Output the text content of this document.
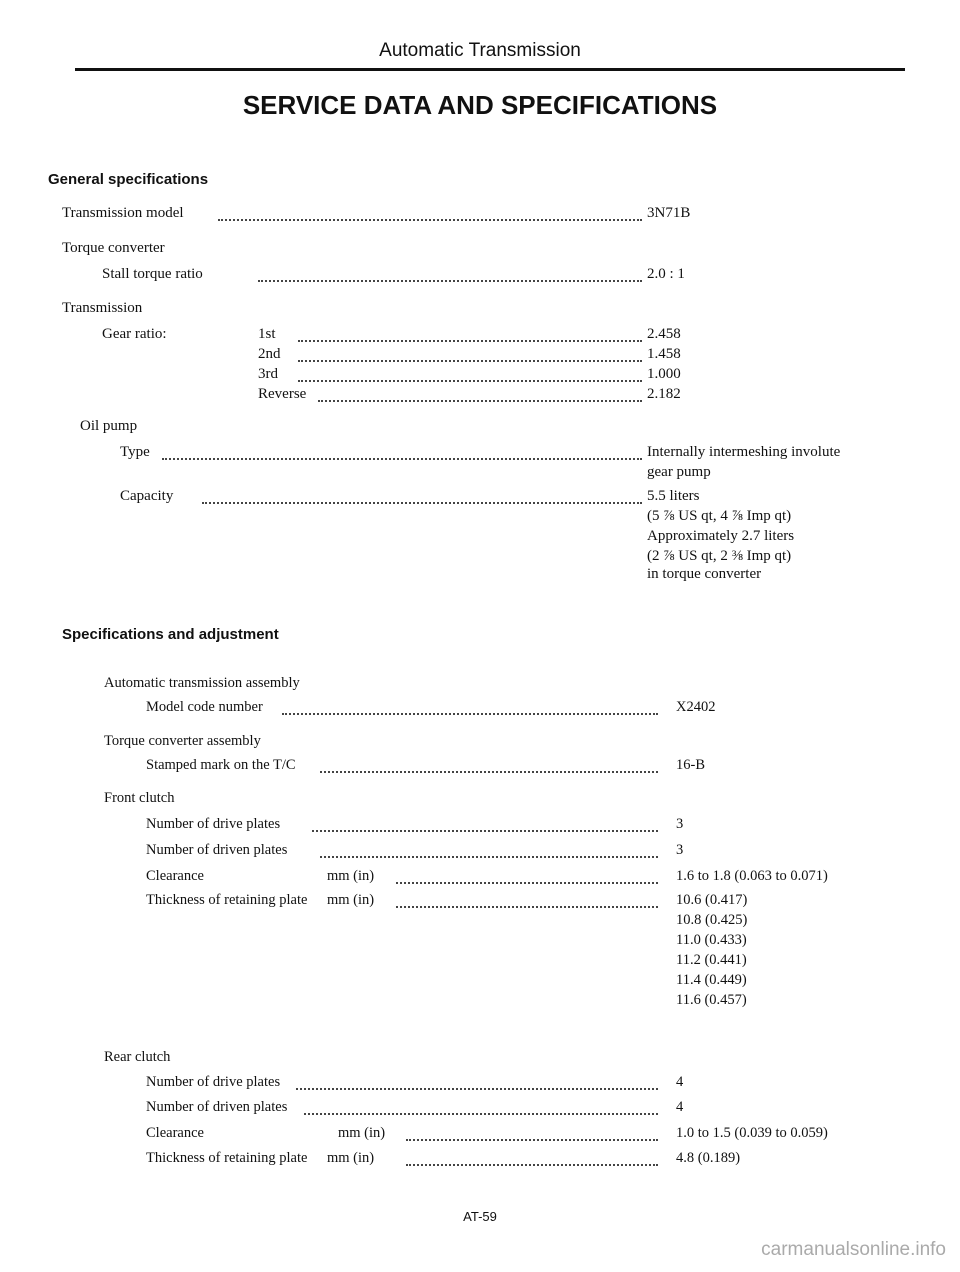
Automatic Transmission
SERVICE DATA AND SPECIFICATIONS
General specifications
Transmission model	3N71B
Torque converter
Stall torque ratio	2.0 : 1
Transmission
Gear ratio:	1st	2.458
2nd	1.458
3rd	1.000
Reverse	2.182
Oil pump
Type	Internally intermeshing involute
gear pump
Capacity	5.5 liters
(5 ⅞ US qt, 4 ⅞ Imp qt)
Approximately 2.7 liters
(2 ⅞ US qt, 2 ⅜ Imp qt)
in torque converter
Specifications and adjustment
Automatic transmission assembly
Model code number	X2402
Torque converter assembly
Stamped mark on the T/C	16-B
Front clutch
Number of drive plates	3
Number of driven plates	3
Clearance	mm (in)	1.6 to 1.8 (0.063 to 0.071)
Thickness of retaining plate mm (in)	10.6 (0.417)
10.8 (0.425)
11.0 (0.433)
11.2 (0.441)
11.4 (0.449)
11.6 (0.457)
Rear clutch
Number of drive plates	4
Number of driven plates	4
Clearance	mm (in)	1.0 to 1.5 (0.039 to 0.059)
Thickness of retaining plate mm (in)	4.8 (0.189)
AT-59
carmanualsonline.info
